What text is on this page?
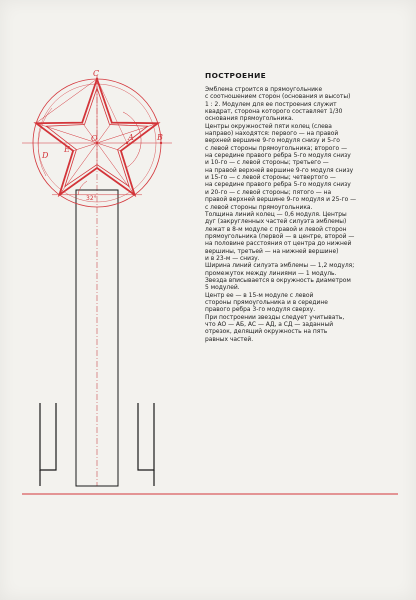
C
A	B
D
O
E
32°
ПОСТРОЕНИЕ
Эмблема строится в прямоугольнике
с соотношением сторон (основания и высоты)
1 : 2. Модулем для ее построения служит
квадрат, сторона которого составляет 1/30
основания прямоугольника.
Центры окружностей пяти колец (слева
направо) находятся: первого — на правой
верхней вершине 9-го модуля снизу и 5-го
с левой стороны прямоугольника; второго —
на середине правого ребра 5-го модуля снизу
и 10-го — с левой стороны; третьего —
на правой верхней вершине 9-го модуля снизу
и 15-го — с левой стороны; четвертого —
на середине правого ребра 5-го модуля снизу
и 20-го — с левой стороны; пятого — на
правой верхней вершине 9-го модуля и 25-го —
с левой стороны прямоугольника.
Толщина линий колец — 0,6 модуля. Центры
дуг (закругленных частей силуэта эмблемы)
лежат в 8-м модуле с правой и левой сторон
прямоугольника (первой — в центре, второй —
на половине расстояния от центра до нижней
вершины, третьей — на нижней вершине)
и в 23-м — снизу.
Ширина линий силуэта эмблемы — 1,2 модуля;
промежуток между линиями — 1 модуль.
Звезда вписывается в окружность диаметром
5 модулей.
Центр ее — в 15-м модуле с левой
стороны прямоугольника и в середине
правого ребра 3-го модуля сверху.
При построении звезды следует учитывать,
что АО — АБ, АС — АД, а СД — заданный
отрезок, делящий окружность на пять
равных частей.
